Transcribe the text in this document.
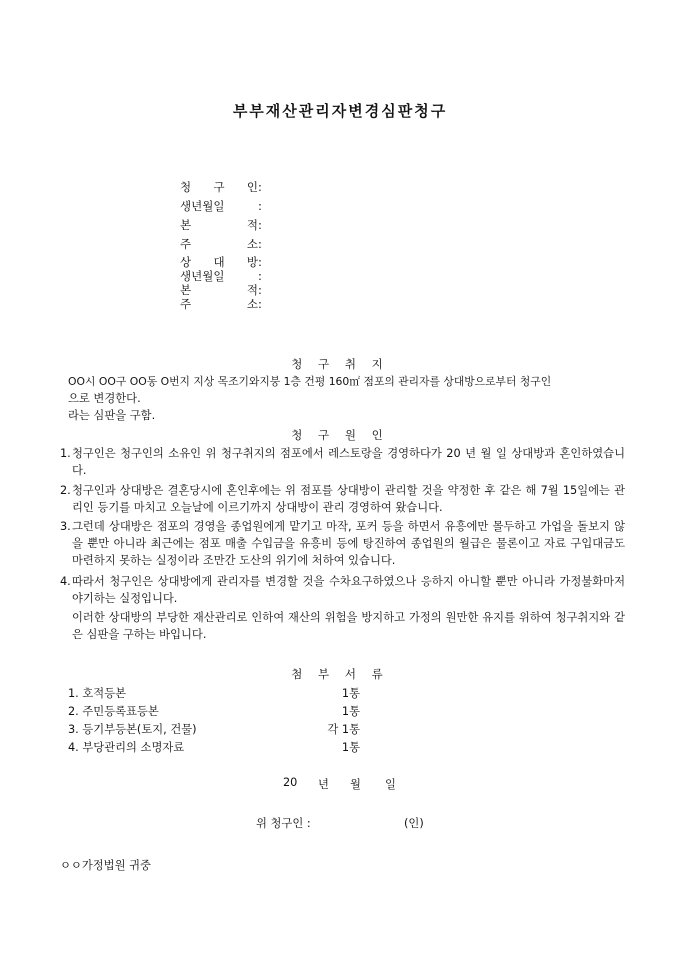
부부재산관리자변경심판청구
청 구 인:
생년월일	:
본 적:
주 소:
상 대 방:
생년월일	:
본 적:
주 소:
청 구 취 지
OO시 OO구 OO동 O번지 지상 목조기와지붕 1층 건평 160㎡ 점포의 관리자를 상대방으로부터 청구인
으로 변경한다.
라는 심판을 구함.
청 구 원 인
1. 청구인은 청구인의 소유인 위 청구취지의 점포에서 레스토랑을 경영하다가 20 년 월 일 상대방과 혼인하였습니다.
2. 청구인과 상대방은 결혼당시에 혼인후에는 위 점포를 상대방이 관리할 것을 약정한 후 같은 해 7월 15일에는 관리인 등기를 마치고 오늘날에 이르기까지 상대방이 관리 경영하여 왔습니다.
3. 그런데 상대방은 점포의 경영을 종업원에게 맡기고 마작, 포커 등을 하면서 유흥에만 몰두하고 가업을 돌보지 않을 뿐만 아니라 최근에는 점포 매출 수입금을 유흥비 등에 탕진하여 종업원의 월급은 물론이고 자료 구입대금도 마련하지 못하는 실정이라 조만간 도산의 위기에 처하여 있습니다.
4. 따라서 청구인은 상대방에게 관리자를 변경할 것을 수차요구하였으나 응하지 아니할 뿐만 아니라 가정불화마저 야기하는 실정입니다.
이러한 상대방의 부당한 재산관리로 인하여 재산의 위험을 방지하고 가정의 원만한 유지를 위하여 청구취지와 같은 심판을 구하는 바입니다.
첨 부 서 류
1. 호적등본	1통
2. 주민등록표등본	1통
3. 등기부등본(토지, 건물)	각 1통
4. 부당관리의 소명자료	1통
20 년 월 일
위 청구인 :	(인)
ㅇㅇ가정법원 귀중
